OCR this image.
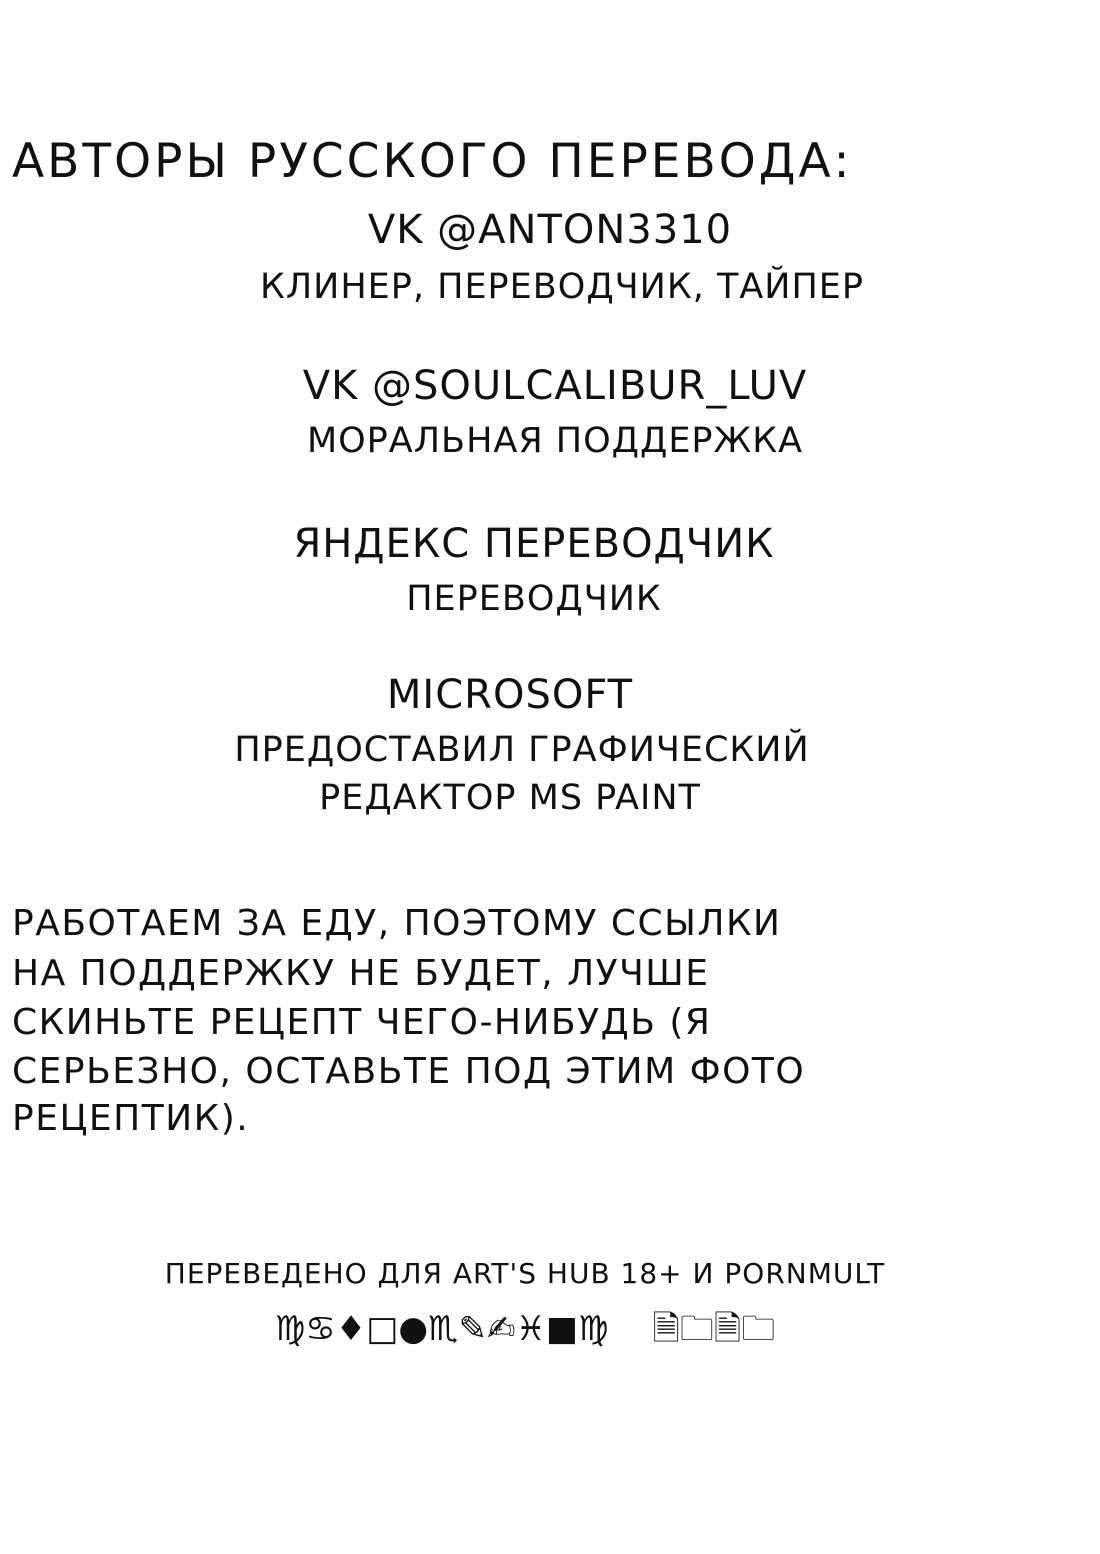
АВТОРЫ РУССКОГО ПЕРЕВОДА:
VK @ANTON3310
КЛИНЕР, ПЕРЕВОДЧИК, ТАЙПЕР
VK @SOULCALIBUR_LUV
МОРАЛЬНАЯ ПОДДЕРЖКА
ЯНДЕКС ПЕРЕВОДЧИК
ПЕРЕВОДЧИК
MICROSOFT
ПРЕДОСТАВИЛ ГРАФИЧЕСКИЙ
РЕДАКТОР MS PAINT
РАБОТАЕМ ЗА ЕДУ, ПОЭТОМУ ССЫЛКИ
НА ПОДДЕРЖКУ НЕ БУДЕТ, ЛУЧШЕ
СКИНЬТЕ РЕЦЕПТ ЧЕГО-НИБУДЬ (Я
СЕРЬЕЗНО, ОСТАВЬТЕ ПОД ЭТИМ ФОТО
РЕЦЕПТИК).
ПЕРЕВЕДЕНО ДЛЯ ART'S HUB 18+ И PORNMULT
♍♋♦□●♏✎✍♓■♍ 🗎🗀🗎🗀
